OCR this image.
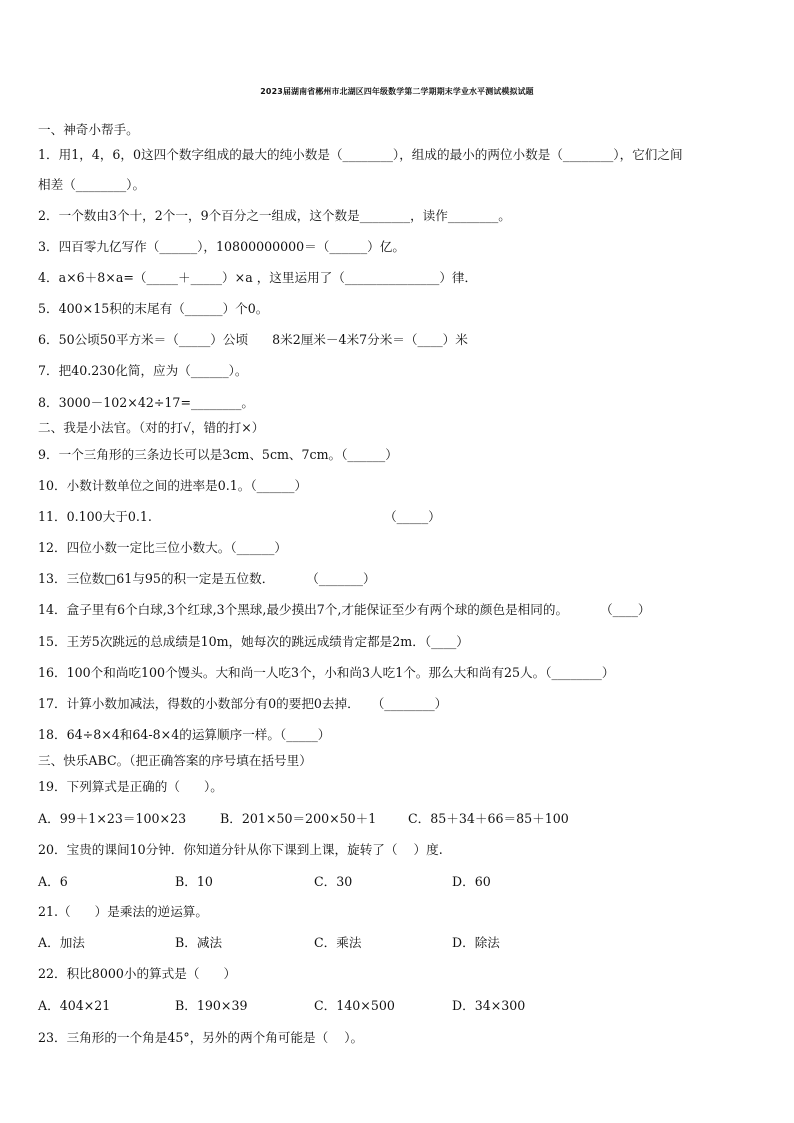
2023届湖南省郴州市北湖区四年级数学第二学期期末学业水平测试模拟试题
一、神奇小帮手。
1．用1，4，6，0这四个数字组成的最大的纯小数是（________），组成的最小的两位小数是（________），它们之间
相差（________）。
2．一个数由3个十，2个一，9个百分之一组成，这个数是________，读作________。
3．四百零九亿写作（______），10800000000＝（______）亿。
4．a×6＋8×a=（_____＋_____）×a ，这里运用了（_______________）律．
5．400×15积的末尾有（______）个0。
6．50公顷50平方米＝（_____）公顷      8米2厘米－4米7分米＝（____）米
7．把40.230化简，应为（______）。
8．3000－102×42÷17=________。
二、我是小法官。（对的打√，错的打×）
9．一个三角形的三条边长可以是3cm、5cm、7cm。（______）
10．小数计数单位之间的进率是0.1。（______）
11．0.100大于0.1.                                                          （_____）
12．四位小数一定比三位小数大。（______）
13．三位数□61与95的积一定是五位数．        （_______）
14．盒子里有6个白球,3个红球,3个黑球,最少摸出7个,才能保证至少有两个球的颜色是相同的。        （____）
15．王芳5次跳远的总成绩是10m，她每次的跳远成绩肯定都是2m．（____）
16．100个和尚吃100个馒头。大和尚一人吃3个，小和尚3人吃1个。那么大和尚有25人。（________）
17．计算小数加减法，得数的小数部分有0的要把0去掉．   （________）
18．64÷8×4和64-8×4的运算顺序一样。（_____）
三、快乐ABC。（把正确答案的序号填在括号里）
19．下列算式是正确的（      ）。
A．99＋1×23＝100×23	B．201×50＝200×50＋1	C．85＋34＋66＝85＋100
20．宝贵的课间10分钟．你知道分针从你下课到上课，旋转了（    ）度.
A．6	B．10	C．30	D．60
21.（      ）是乘法的逆运算。
A．加法	B．减法	C．乘法	D．除法
22．积比8000小的算式是（      ）
A．404×21	B．190×39	C．140×500	D．34×300
23．三角形的一个角是45°，另外的两个角可能是（    ）。
